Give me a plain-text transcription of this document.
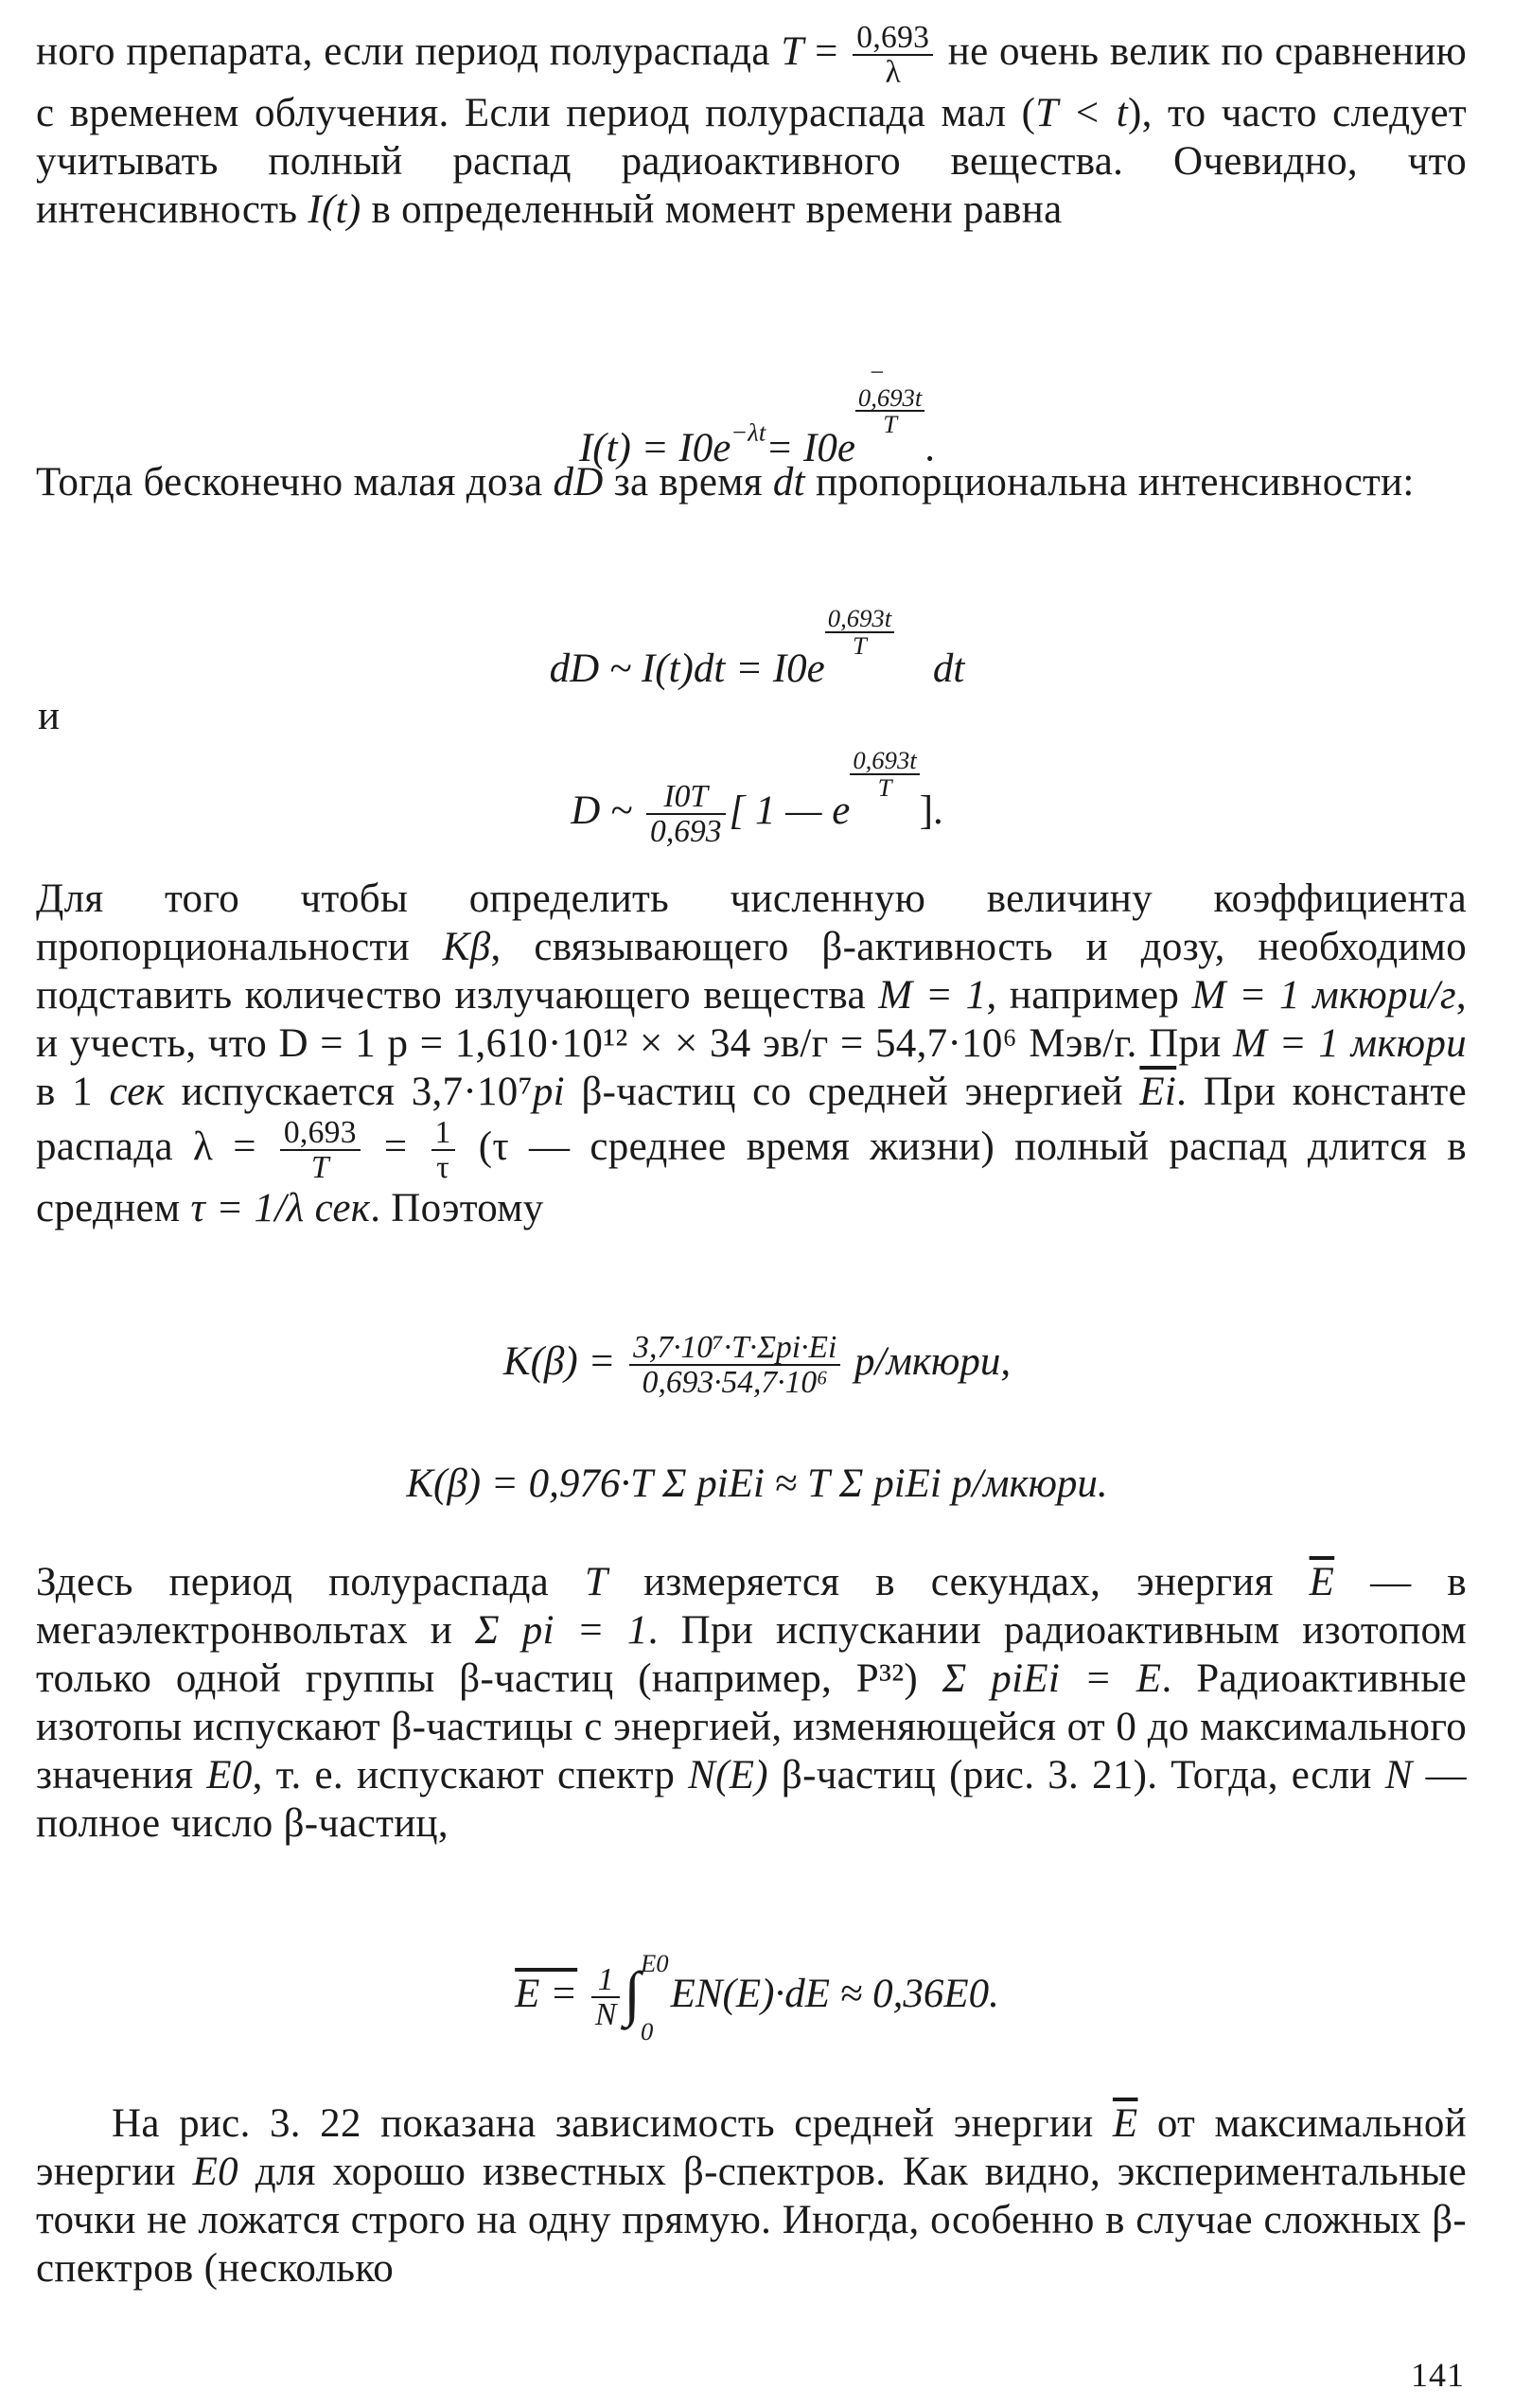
ного препарата, если период полураспада $T = \frac{0,693}{\lambda}$ не очень велик по сравнению с временем облучения. Если период полураспада мал (T < t), то часто следует учитывать полный распад радиоактивного вещества. Очевидно, что интенсивность I(t) в определенный момент времени равна

$I(t) = I0e^{-\lambda t}= I0e-$
0,693t
T
.

Тогда бесконечно малая доза dD за время dt пропорциональна интенсивности:

dD ~ I(t)dt = I0e
$\frac{0,693t}{T}$
dt
и
D ~ $\frac{I0T}{0,693}$ [ 1 — e
$\frac{0,693t}{T}$
].

Для того чтобы определить численную величину коэффициента пропорциональности Kβ, связывающего β-активность и дозу, необходимо подставить количество излучающего вещества M = 1, например M = 1 мкюри/г, и учесть, что D = 1 р = 1,610·10¹² × × 34 эв/г = 54,7·10⁶ Мэв/г. При M = 1 мкюри в 1 сек испускается 3,7·10⁷pi β-частиц со средней энергией $\overline{Ei}$. При константе распада $\lambda = \frac{0,693}{T} = \frac{1}{\tau} (\tau$ — среднее время жизни) полный распад длится в среднем τ = 1/λ сек. Поэтому

$K(\beta) = \frac{\text{3,7·10⁷·T·Σpi·Ei}}{\text{0,693·54,7·10⁶}}$ р/мкюри,
K(β) = 0,976·T Σ piEi ≈ T Σ piEi р/мкюри.

Здесь период полураспада T измеряется в секундах, энергия $\overline{E}$ — в мегаэлектронвольтах и Σ pi = 1. При испускании радиоактивным изотопом только одной группы β-частиц (например, P³²) Σ piEi = E. Радиоактивные изотопы испускают β-частицы с энергией, изменяющейся от 0 до максимального значения E0, т. е. испускают спектр N(E) β-частиц (рис. 3. 21). Тогда, если N — полное число β-частиц,

$E = \frac{1}{N}$ ∫ E0
0
EN(E)·dE ≈ 0,36E0.

На рис. 3. 22 показана зависимость средней энергии $\overline{E}$ от максимальной энергии E0 для хорошо известных β-спектров. Как видно, экспериментальные точки не ложатся строго на одну прямую. Иногда, особенно в случае сложных β-спектров (несколько

141
